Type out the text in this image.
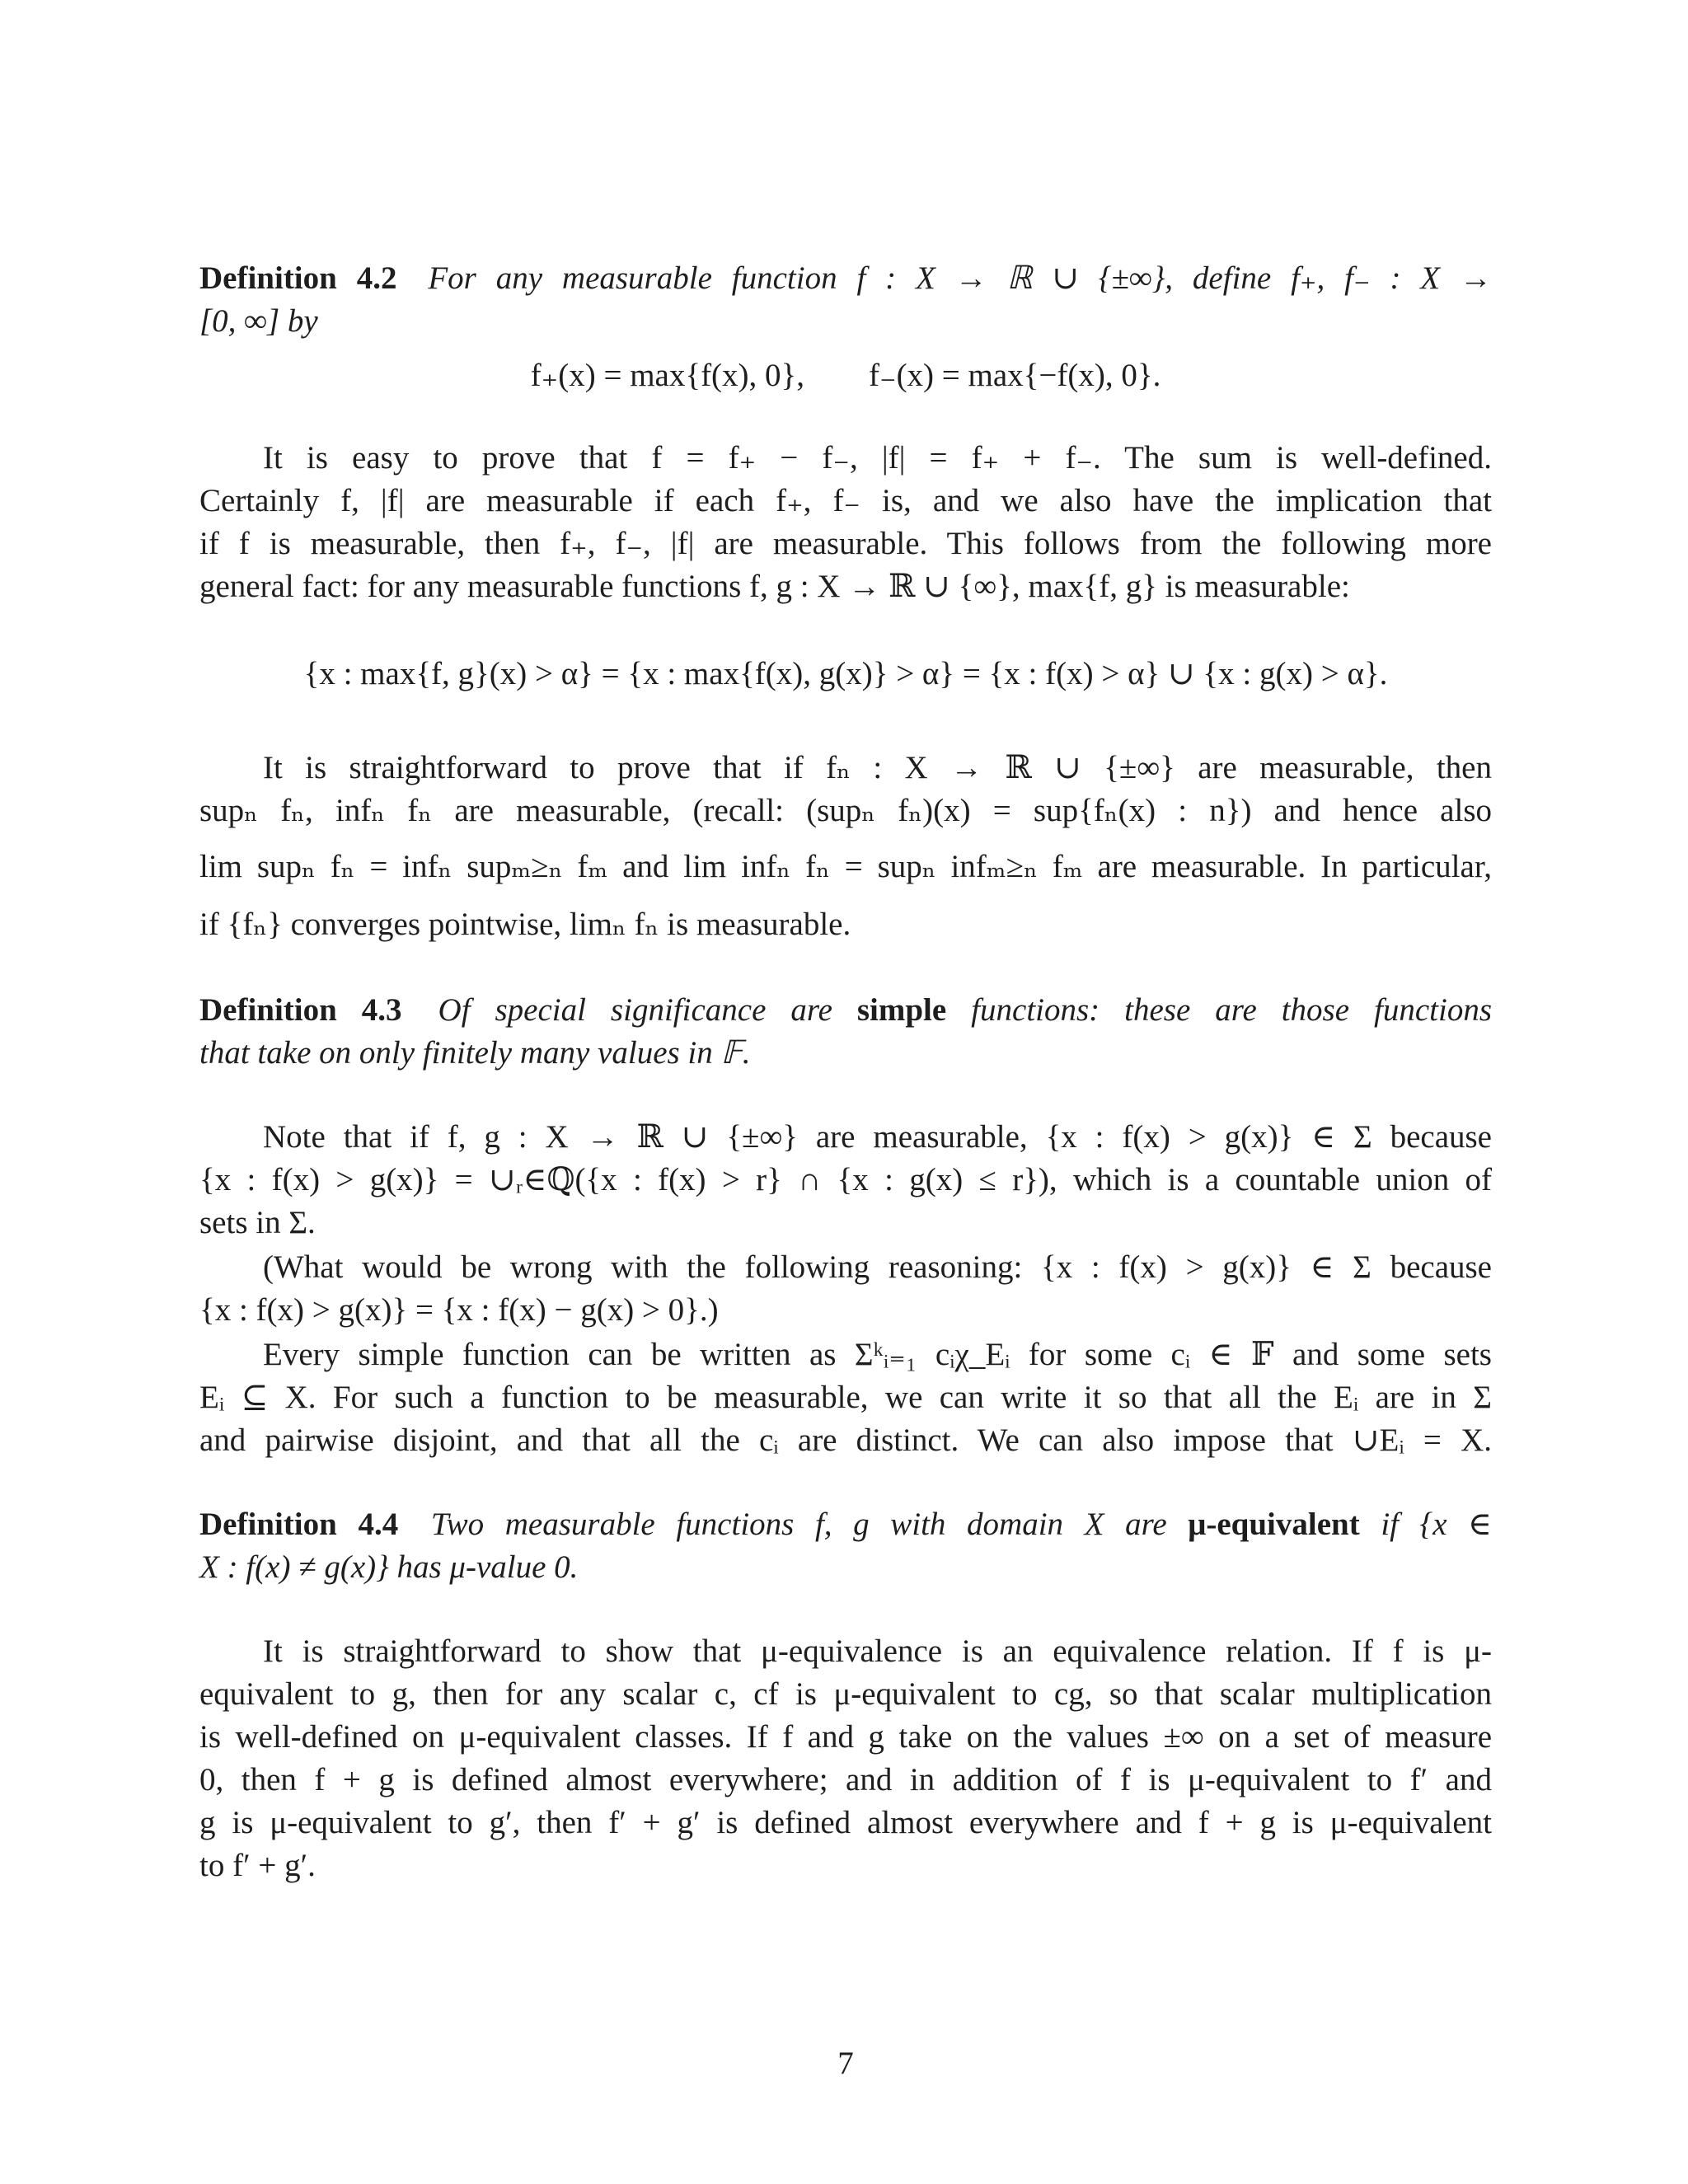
Definition 4.2 For any measurable function f : X → ℝ ∪ {±∞}, define f₊, f₋ : X →
[0, ∞] by
f₊(x) = max{f(x), 0},        f₋(x) = max{−f(x), 0}.
It is easy to prove that f = f₊ − f₋, |f| = f₊ + f₋. The sum is well-defined.
Certainly f, |f| are measurable if each f₊, f₋ is, and we also have the implication that
if f is measurable, then f₊, f₋, |f| are measurable. This follows from the following more
general fact: for any measurable functions f, g : X → ℝ ∪ {∞}, max{f, g} is measurable:
{x : max{f, g}(x) > α} = {x : max{f(x), g(x)} > α} = {x : f(x) > α} ∪ {x : g(x) > α}.
It is straightforward to prove that if fₙ : X → ℝ ∪ {±∞} are measurable, then
supₙ fₙ, infₙ fₙ are measurable, (recall: (supₙ fₙ)(x) = sup{fₙ(x) : n}) and hence also
lim supₙ fₙ = infₙ supₘ≥ₙ fₘ and lim infₙ fₙ = supₙ infₘ≥ₙ fₘ are measurable. In particular,
if {fₙ} converges pointwise, limₙ fₙ is measurable.
Definition 4.3 Of special significance are simple functions: these are those functions
that take on only finitely many values in 𝔽.
Note that if f, g : X → ℝ ∪ {±∞} are measurable, {x : f(x) > g(x)} ∈ Σ because
{x : f(x) > g(x)} = ∪ᵣ∈ℚ({x : f(x) > r} ∩ {x : g(x) ≤ r}), which is a countable union of
sets in Σ.
(What would be wrong with the following reasoning: {x : f(x) > g(x)} ∈ Σ because
{x : f(x) > g(x)} = {x : f(x) − g(x) > 0}.)
Every simple function can be written as Σᵏᵢ₌₁ cᵢχ_Eᵢ for some cᵢ ∈ 𝔽 and some sets
Eᵢ ⊆ X. For such a function to be measurable, we can write it so that all the Eᵢ are in Σ
and pairwise disjoint, and that all the cᵢ are distinct. We can also impose that ∪Eᵢ = X.
Definition 4.4 Two measurable functions f, g with domain X are μ-equivalent if {x ∈
X : f(x) ≠ g(x)} has μ-value 0.
It is straightforward to show that μ-equivalence is an equivalence relation. If f is μ-
equivalent to g, then for any scalar c, cf is μ-equivalent to cg, so that scalar multiplication
is well-defined on μ-equivalent classes. If f and g take on the values ±∞ on a set of measure
0, then f + g is defined almost everywhere; and in addition of f is μ-equivalent to f′ and
g is μ-equivalent to g′, then f′ + g′ is defined almost everywhere and f + g is μ-equivalent
to f′ + g′.
7
